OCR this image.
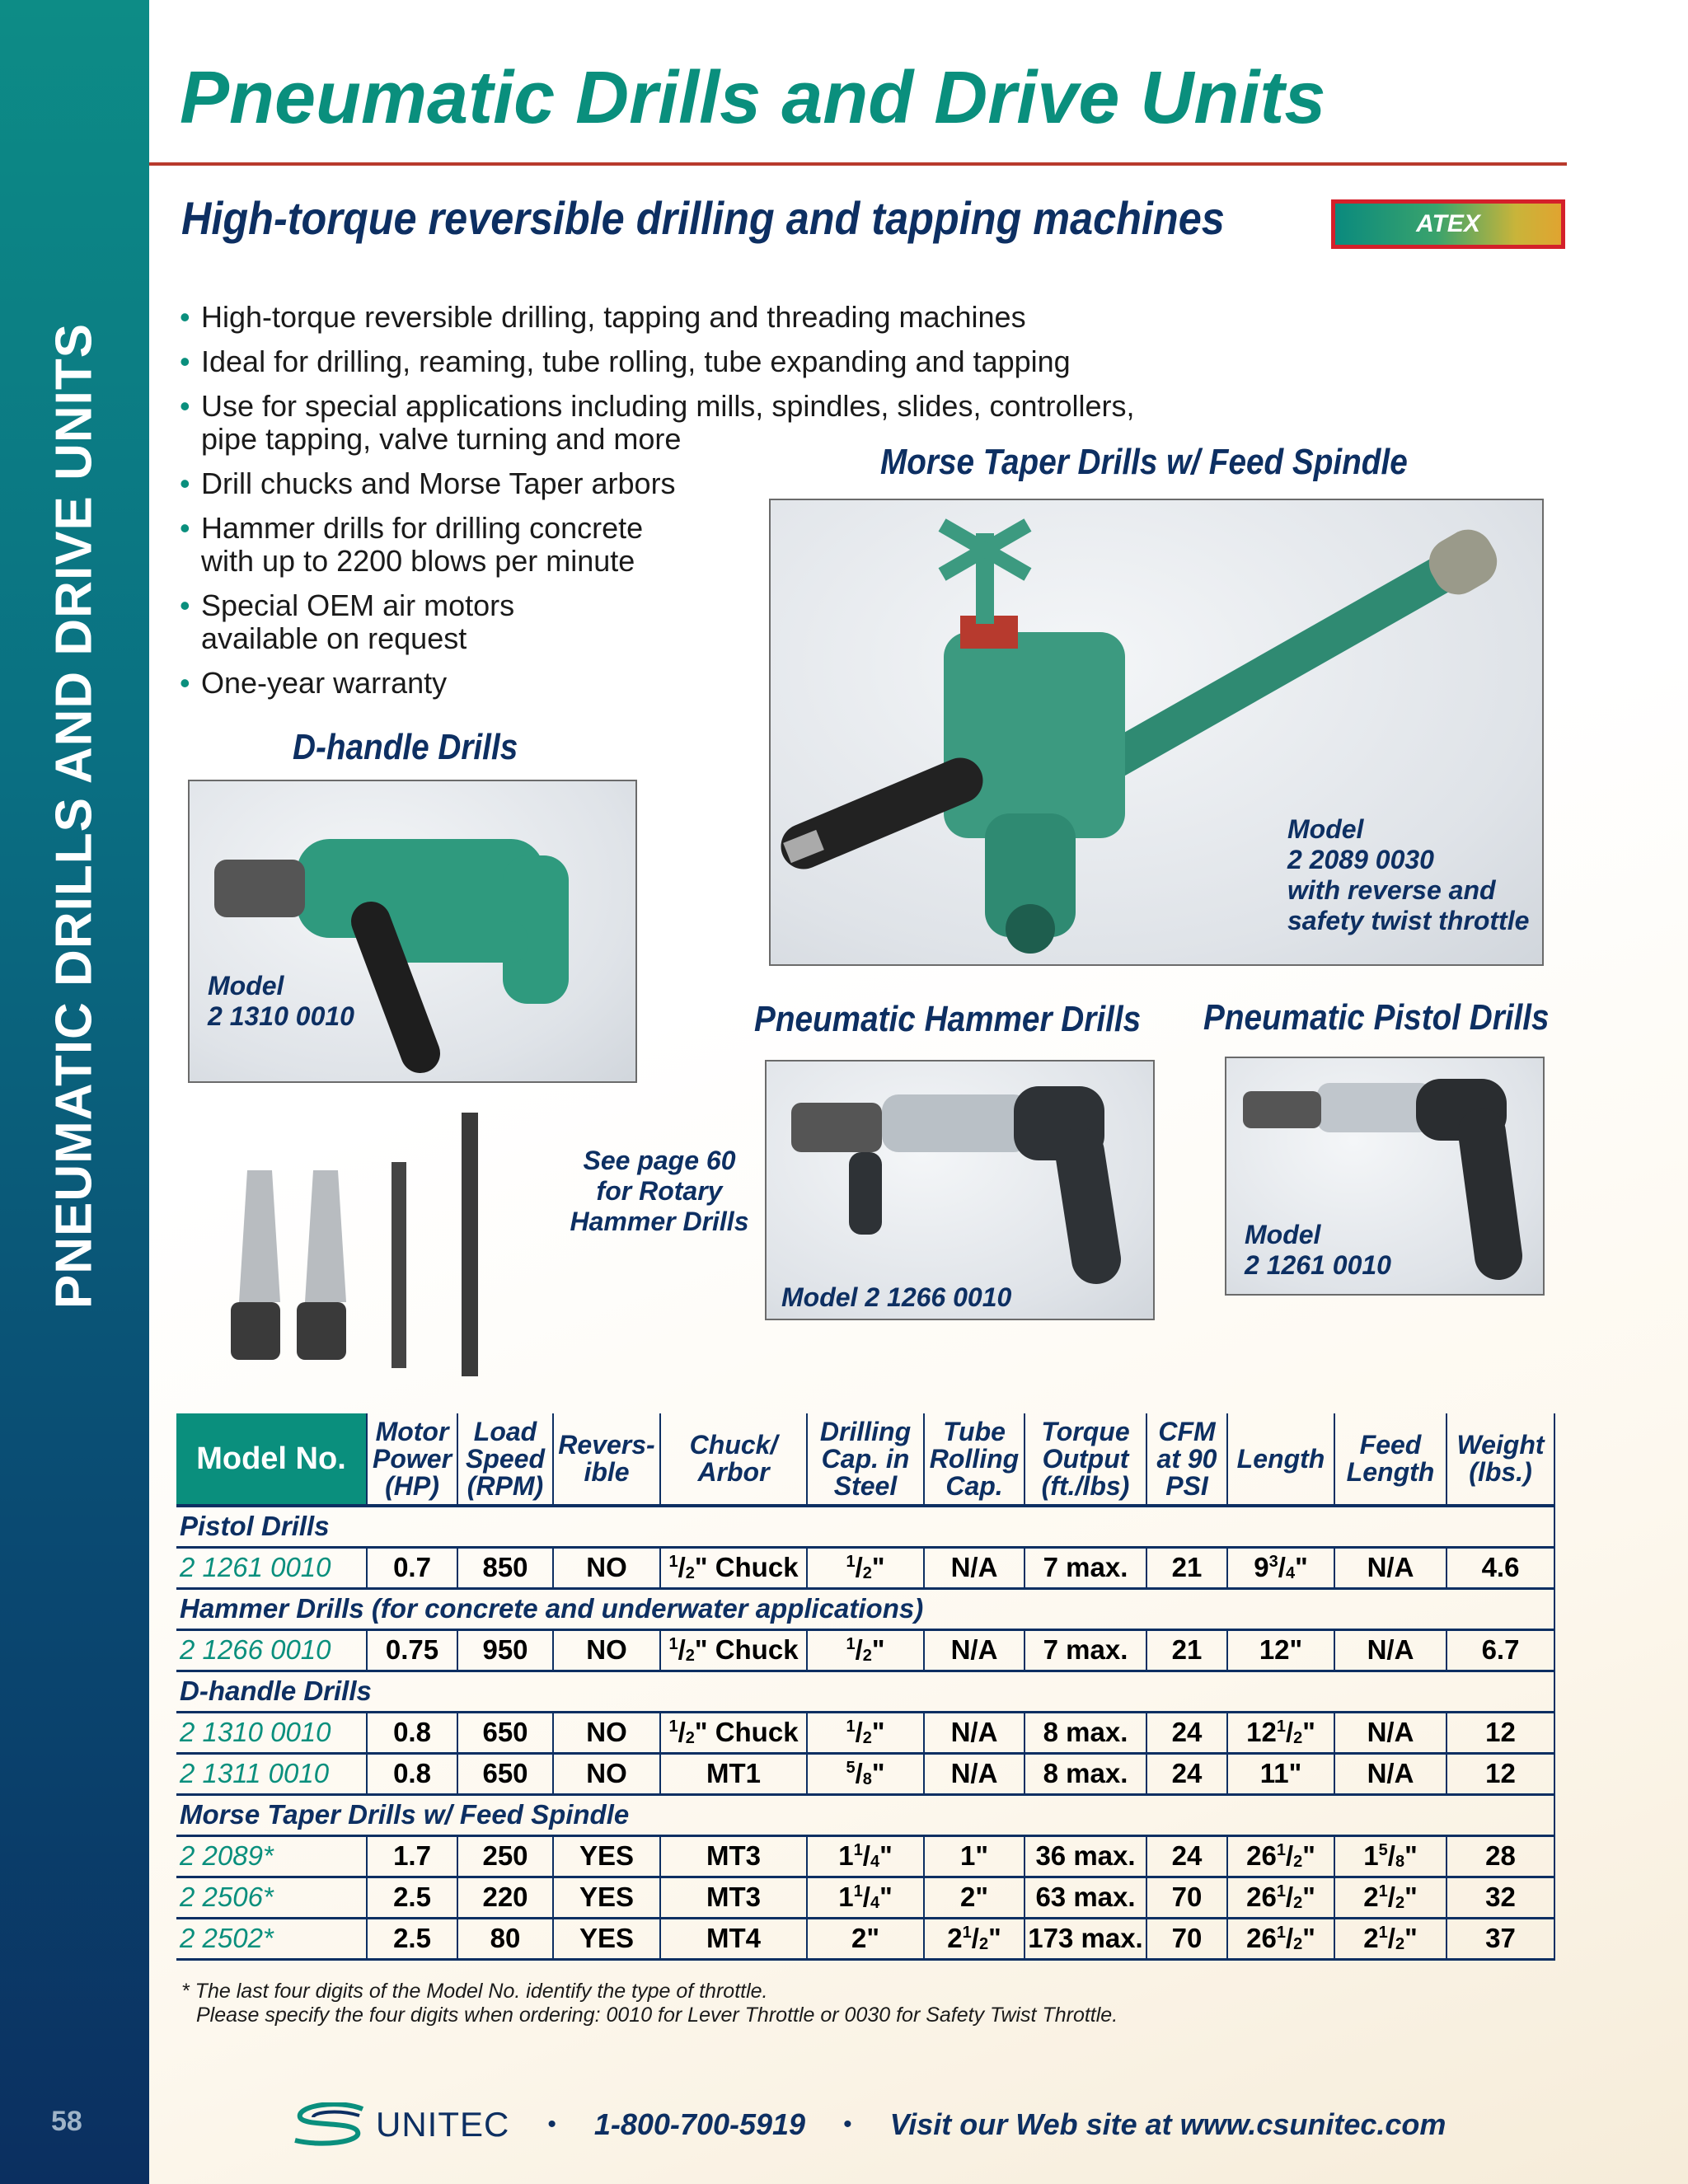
PNEUMATIC DRILLS AND DRIVE UNITS
58
Pneumatic Drills and Drive Units
High-torque reversible drilling and tapping machines	ATEX
• High-torque reversible drilling, tapping and threading machines
• Ideal for drilling, reaming, tube rolling, tube expanding and tapping
• Use for special applications including mills, spindles, slides, controllers,
pipe tapping, valve turning and more
• Drill chucks and Morse Taper arbors
• Hammer drills for drilling concrete
with up to 2200 blows per minute
• Special OEM air motors
available on request
• One-year warranty
Morse Taper Drills w/ Feed Spindle
Model
2 2089 0030
with reverse and
safety twist throttle
D-handle Drills
Model
2 1310 0010
See page 60
for Rotary
Hammer Drills
Pneumatic Hammer Drills
Model 2 1266 0010
Pneumatic Pistol Drills
Model
2 1261 0010
Model No.	Motor
Power
(HP)	Load
Speed
(RPM)	Revers-
ible	Chuck/
Arbor	Drilling
Cap. in
Steel	Tube
Rolling
Cap.	Torque
Output
(ft./lbs)	CFM
at 90
PSI	Length	Feed
Length	Weight
(lbs.)

Pistol Drills											
2 1261 0010	0.7	850	NO	$^1/_2$" Chuck	$^1/_2$"	N/A	7 max.	21	$9^3/_4$"	N/A	4.6
Hammer Drills (for concrete and underwater applications)											
2 1266 0010	0.75	950	NO	$^1/_2$" Chuck	$^1/_2$"	N/A	7 max.	21	12"	N/A	6.7
D-handle Drills											
2 1310 0010	0.8	650	NO	$^1/_2$" Chuck	$^1/_2$"	N/A	8 max.	24	$12^1/_2$"	N/A	12
2 1311 0010	0.8	650	NO	MT1	$^5/_8$"	N/A	8 max.	24	11"	N/A	12
Morse Taper Drills w/ Feed Spindle											
2 2089*	1.7	250	YES	MT3	$1^1/_4$"	1"	36 max.	24	$26^1/_2$"	$1^5/_8$"	28
2 2506*	2.5	220	YES	MT3	$1^1/_4$"	2"	63 max.	70	$26^1/_2$"	$2^1/_2$"	32
2 2502*	2.5	80	YES	MT4	2"	$2^1/_2$"	173 max.	70	$26^1/_2$"	$2^1/_2$"	37
* The last four digits of the Model No. identify the type of throttle.
Please specify the four digits when ordering: 0010 for Lever Throttle or 0030 for Safety Twist Throttle.
UNITEC • 1-800-700-5919 • Visit our Web site at www.csunitec.com
